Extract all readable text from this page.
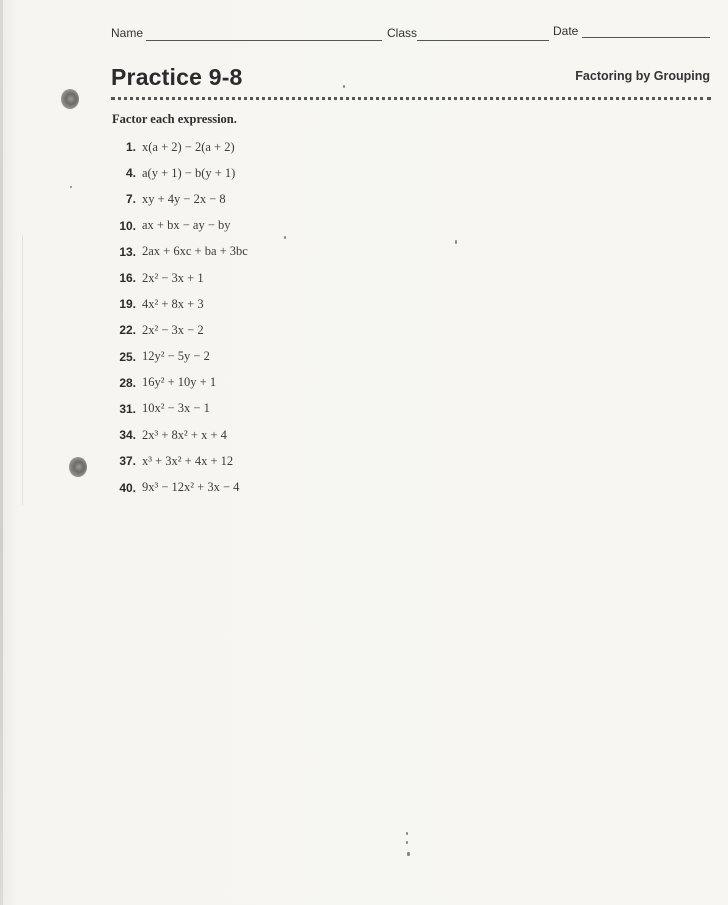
Name	Class	Date
Practice 9-8	Factoring by Grouping
Factor each expression.
1. x(a + 2) − 2(a + 2)
4. a(y + 1) − b(y + 1)
7. xy + 4y − 2x − 8
10. ax + bx − ay − by
13. 2ax + 6xc + ba + 3bc
16. 2x² − 3x + 1
19. 4x² + 8x + 3
22. 2x² − 3x − 2
25. 12y² − 5y − 2
28. 16y² + 10y + 1
31. 10x² − 3x − 1
34. 2x³ + 8x² + x + 4
37. x³ + 3x² + 4x + 12
40. 9x³ − 12x² + 3x − 4
